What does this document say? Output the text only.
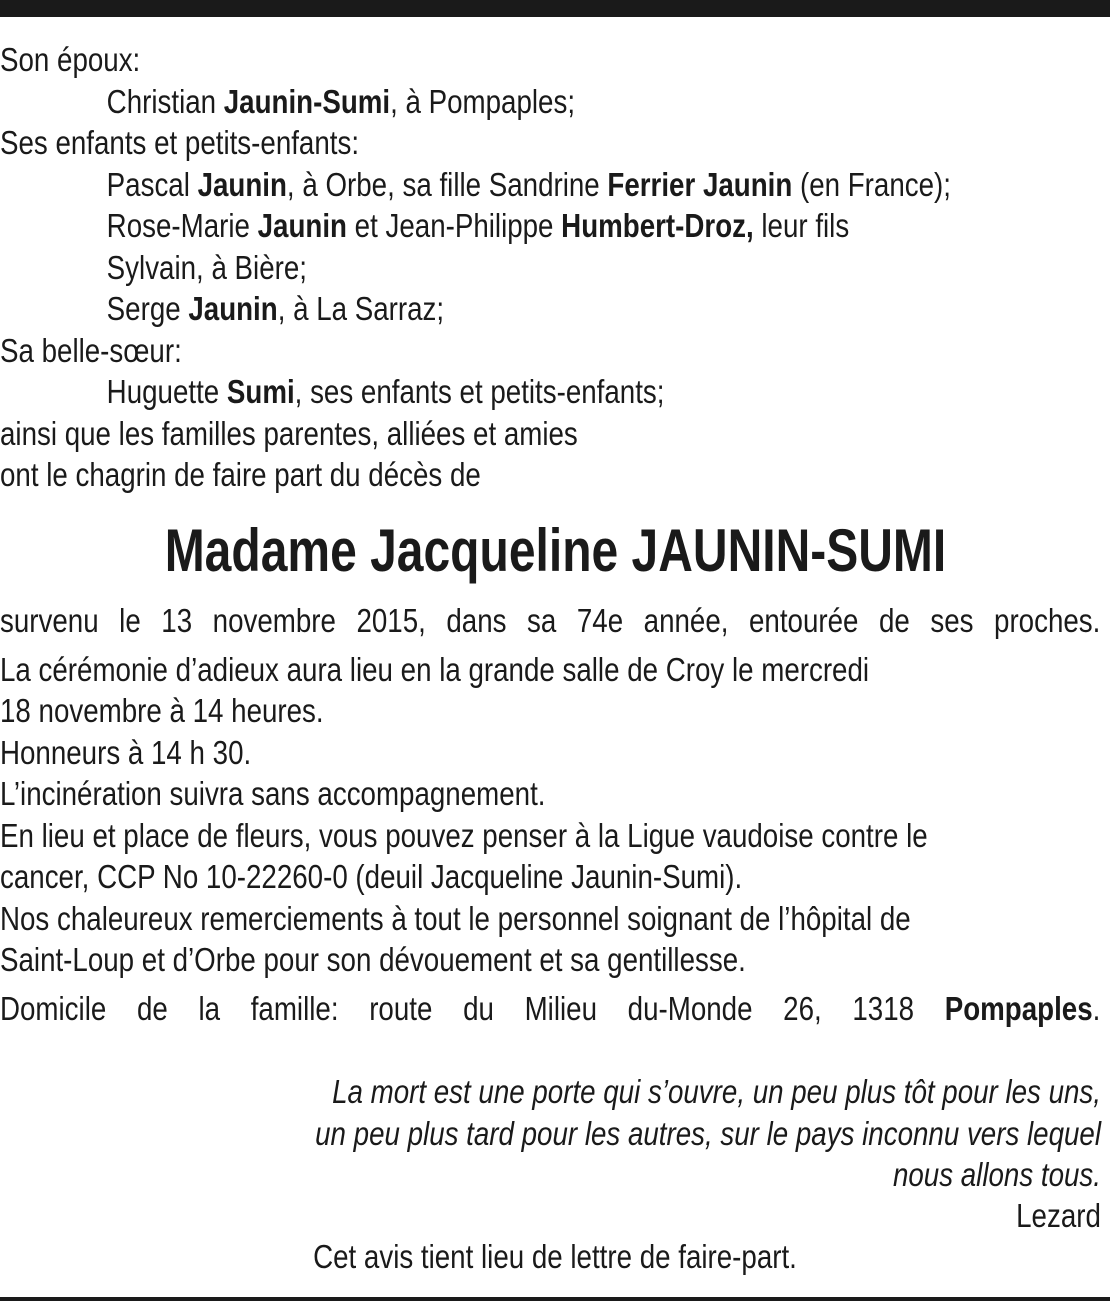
Son époux:
Christian Jaunin-Sumi, à Pompaples;
Ses enfants et petits-enfants:
Pascal Jaunin, à Orbe, sa fille Sandrine Ferrier Jaunin (en France);
Rose-Marie Jaunin et Jean-Philippe Humbert-Droz, leur fils
Sylvain, à Bière;
Serge Jaunin, à La Sarraz;
Sa belle-sœur:
Huguette Sumi, ses enfants et petits-enfants;
ainsi que les familles parentes, alliées et amies
ont le chagrin de faire part du décès de
Madame Jacqueline JAUNIN-SUMI
survenu le 13 novembre 2015, dans sa 74e année, entourée de ses proches.
La cérémonie d’adieux aura lieu en la grande salle de Croy le mercredi
18 novembre à 14 heures.
Honneurs à 14 h 30.
L’incinération suivra sans accompagnement.
En lieu et place de fleurs, vous pouvez penser à la Ligue vaudoise contre le
cancer, CCP No 10-22260-0 (deuil Jacqueline Jaunin-Sumi).
Nos chaleureux remerciements à tout le personnel soignant de l’hôpital de
Saint-Loup et d’Orbe pour son dévouement et sa gentillesse.
Domicile de la famille: route du Milieu du-Monde 26, 1318 Pompaples.
La mort est une porte qui s’ouvre, un peu plus tôt pour les uns,
un peu plus tard pour les autres, sur le pays inconnu vers lequel
nous allons tous.
Lezard
Cet avis tient lieu de lettre de faire-part.
